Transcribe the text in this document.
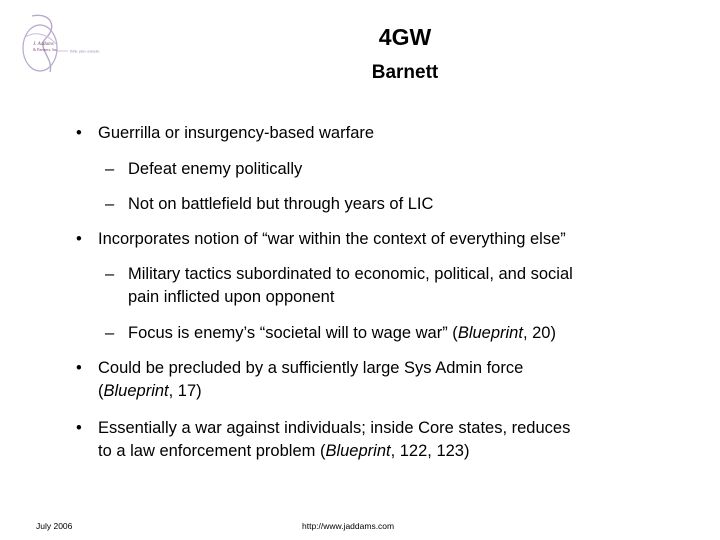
J. Addams
& Partners, Inc.	think. plan. execute.
4GW
Barnett
• Guerrilla or insurgency-based warfare
– Defeat enemy politically
– Not on battlefield but through years of LIC
• Incorporates notion of “war within the context of everything else”
– Military tactics subordinated to economic, political, and social
pain inflicted upon opponent
– Focus is enemy’s “societal will to wage war” (Blueprint, 20)
• Could be precluded by a sufficiently large Sys Admin force
(Blueprint, 17)
• Essentially a war against individuals; inside Core states, reduces
to a law enforcement problem (Blueprint, 122, 123)
July 2006	http://www.jaddams.com
